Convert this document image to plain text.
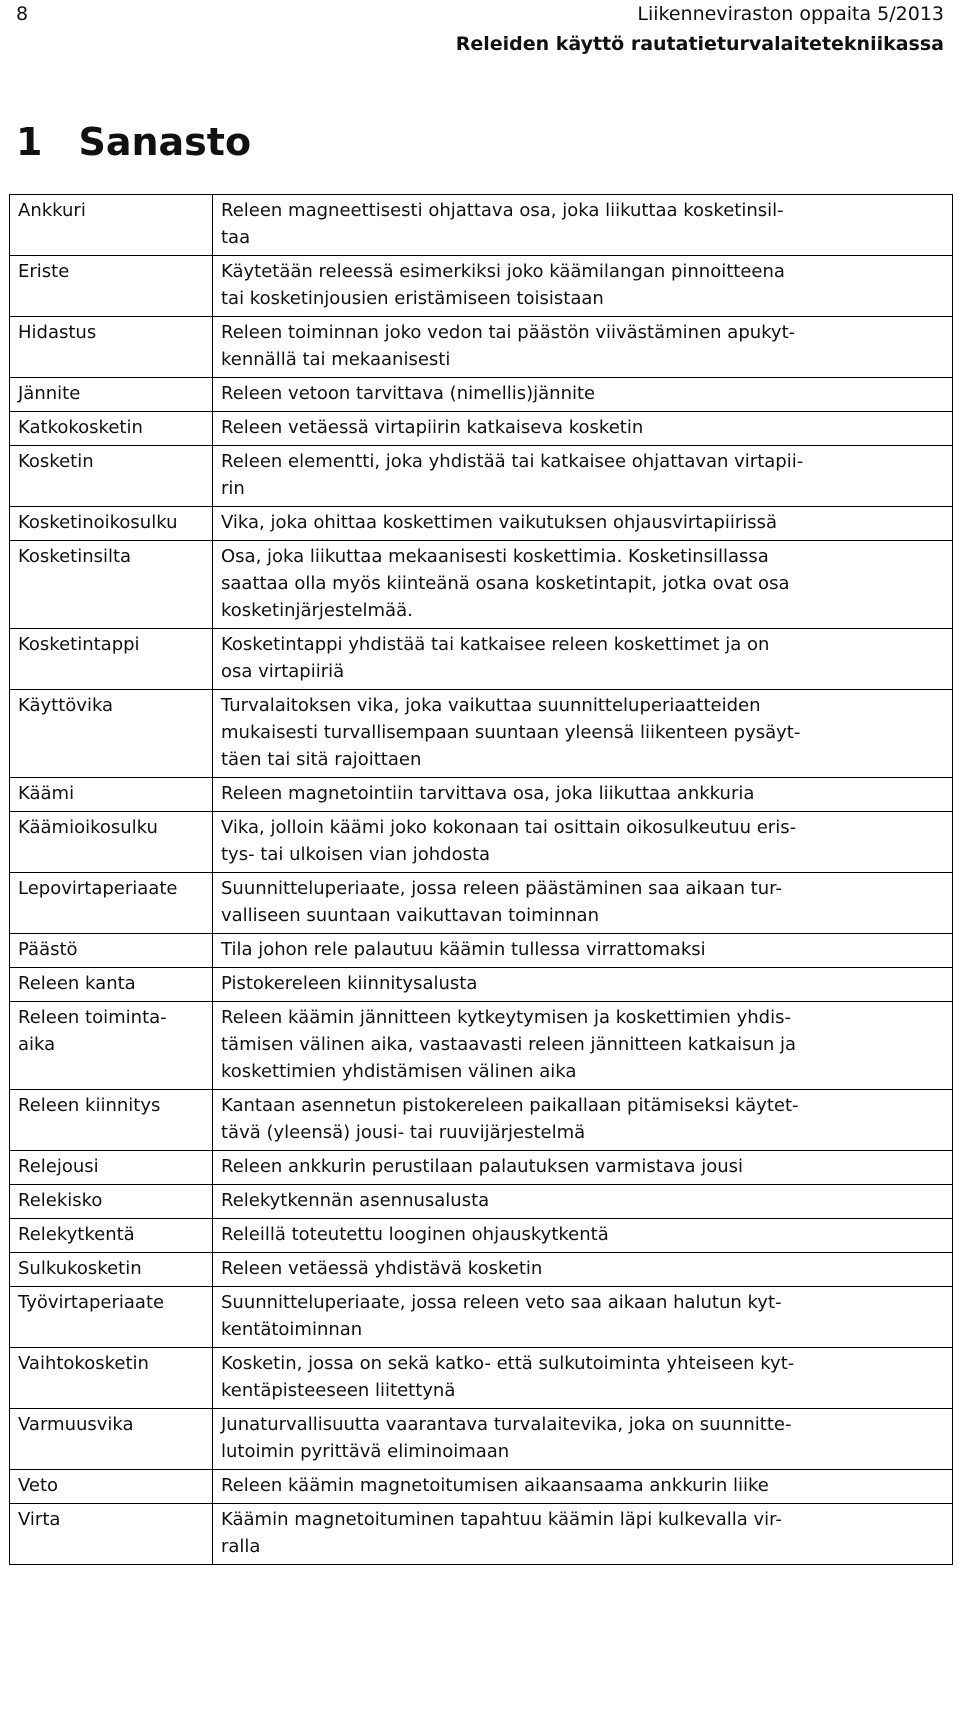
8	Liikenneviraston oppaita 5/2013
Releiden käyttö rautatieturvalaitetekniikassa
1 Sanasto
Ankkuri	Releen magneettisesti ohjattava osa, joka liikuttaa kosketinsil-
taa
Eriste	Käytetään releessä esimerkiksi joko käämilangan pinnoitteena
tai kosketinjousien eristämiseen toisistaan
Hidastus	Releen toiminnan joko vedon tai päästön viivästäminen apukyt-
kennällä tai mekaanisesti
Jännite	Releen vetoon tarvittava (nimellis)jännite
Katkokosketin	Releen vetäessä virtapiirin katkaiseva kosketin
Kosketin	Releen elementti, joka yhdistää tai katkaisee ohjattavan virtapii-
rin
Kosketinoikosulku	Vika, joka ohittaa koskettimen vaikutuksen ohjausvirtapiirissä
Kosketinsilta	Osa, joka liikuttaa mekaanisesti koskettimia. Kosketinsillassa
saattaa olla myös kiinteänä osana kosketintapit, jotka ovat osa
kosketinjärjestelmää.
Kosketintappi	Kosketintappi yhdistää tai katkaisee releen koskettimet ja on
osa virtapiiriä
Käyttövika	Turvalaitoksen vika, joka vaikuttaa suunnitteluperiaatteiden
mukaisesti turvallisempaan suuntaan yleensä liikenteen pysäyt-
täen tai sitä rajoittaen
Käämi	Releen magnetointiin tarvittava osa, joka liikuttaa ankkuria
Käämioikosulku	Vika, jolloin käämi joko kokonaan tai osittain oikosulkeutuu eris-
tys- tai ulkoisen vian johdosta
Lepovirtaperiaate	Suunnitteluperiaate, jossa releen päästäminen saa aikaan tur-
valliseen suuntaan vaikuttavan toiminnan
Päästö	Tila johon rele palautuu käämin tullessa virrattomaksi
Releen kanta	Pistokereleen kiinnitysalusta
Releen toiminta-
aika	Releen käämin jännitteen kytkeytymisen ja koskettimien yhdis-
tämisen välinen aika, vastaavasti releen jännitteen katkaisun ja
koskettimien yhdistämisen välinen aika
Releen kiinnitys	Kantaan asennetun pistokereleen paikallaan pitämiseksi käytet-
tävä (yleensä) jousi- tai ruuvijärjestelmä
Relejousi	Releen ankkurin perustilaan palautuksen varmistava jousi
Relekisko	Relekytkennän asennusalusta
Relekytkentä	Releillä toteutettu looginen ohjauskytkentä
Sulkukosketin	Releen vetäessä yhdistävä kosketin
Työvirtaperiaate	Suunnitteluperiaate, jossa releen veto saa aikaan halutun kyt-
kentätoiminnan
Vaihtokosketin	Kosketin, jossa on sekä katko- että sulkutoiminta yhteiseen kyt-
kentäpisteeseen liitettynä
Varmuusvika	Junaturvallisuutta vaarantava turvalaitevika, joka on suunnitte-
lutoimin pyrittävä eliminoimaan
Veto	Releen käämin magnetoitumisen aikaansaama ankkurin liike
Virta	Käämin magnetoituminen tapahtuu käämin läpi kulkevalla vir-
ralla
